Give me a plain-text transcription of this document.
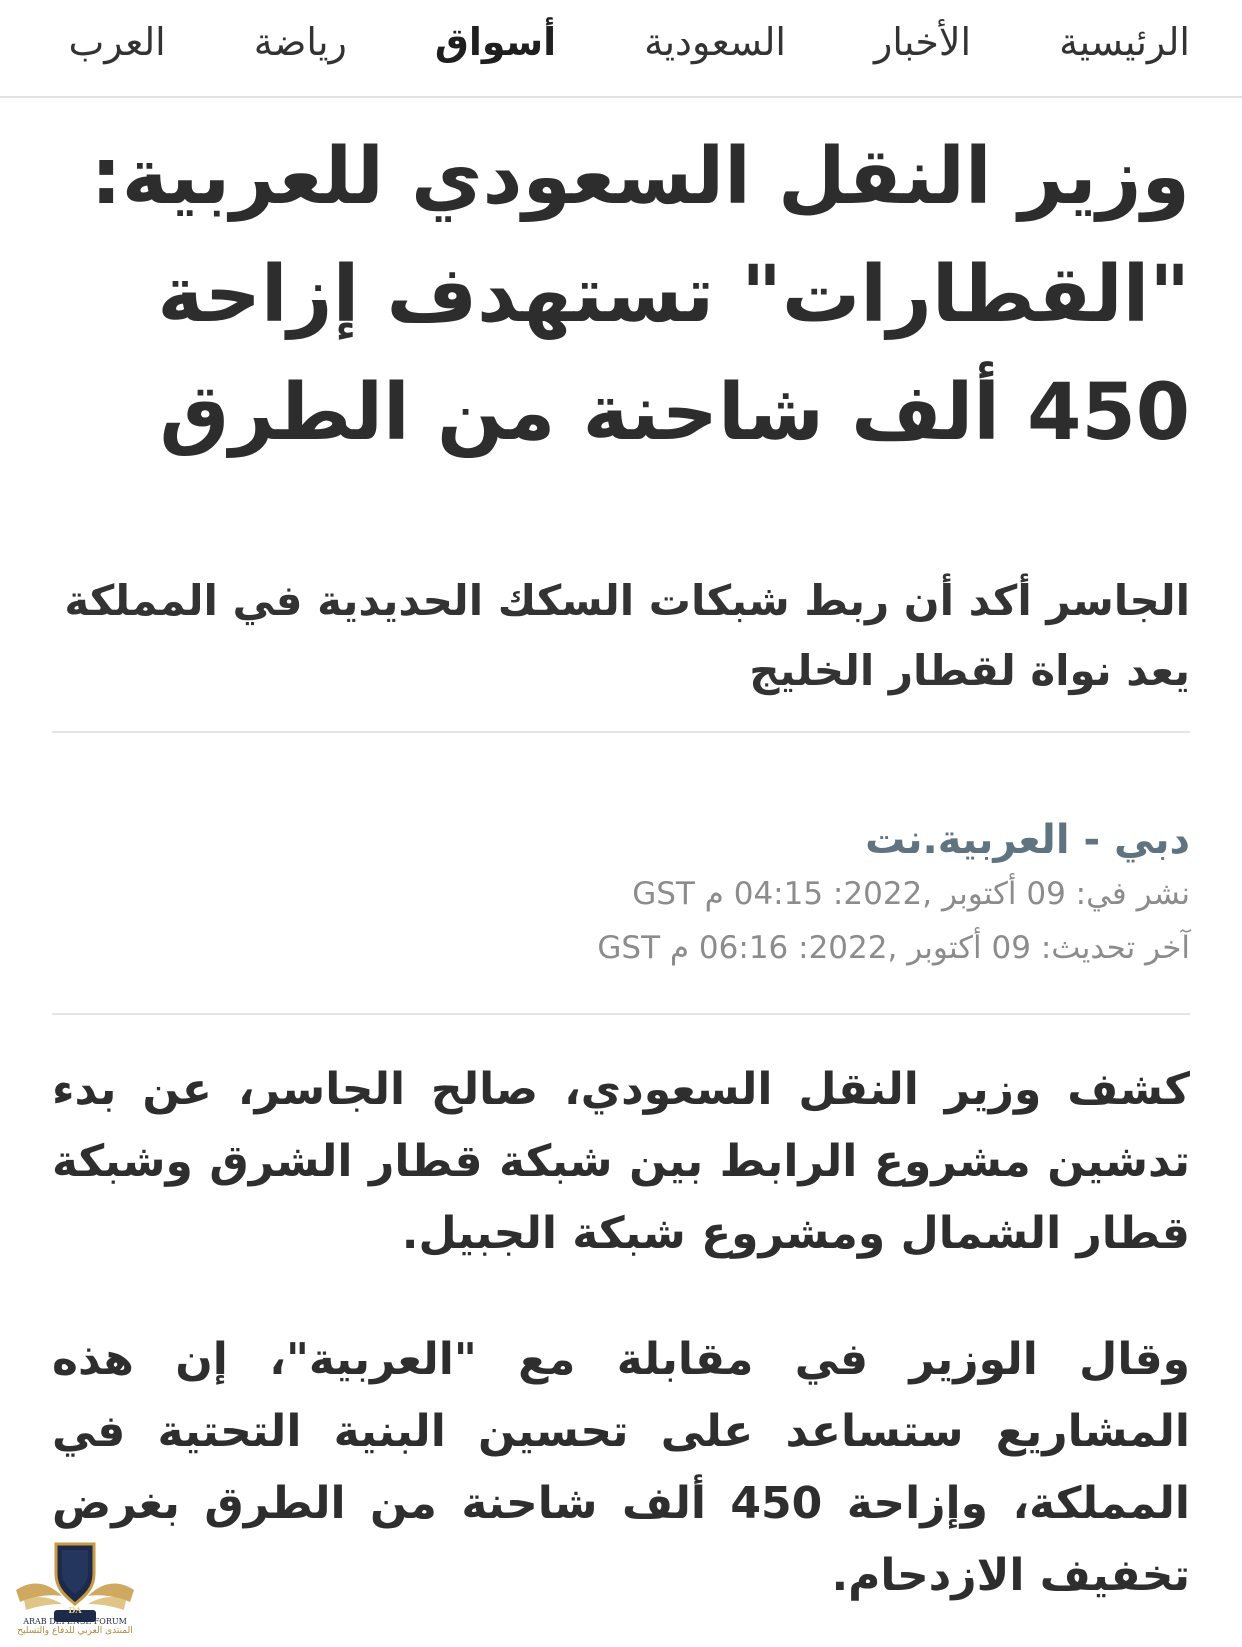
الرئيسية
الأخبار
السعودية
أسواق
رياضة
العرب
وزير النقل السعودي للعربية: "القطارات" تستهدف إزاحة 450 ألف شاحنة من الطرق
الجاسر أكد أن ربط شبكات السكك الحديدية في المملكة يعد نواة لقطار الخليج
دبي - العربية.نت
نشر في: 09 أكتوبر ,2022: 04:15 م GST
آخر تحديث: 09 أكتوبر ,2022: 06:16 م GST

كشف وزير النقل السعودي، صالح الجاسر، عن بدء تدشين مشروع الرابط بين شبكة قطار الشرق وشبكة قطار الشمال ومشروع شبكة الجبيل.

وقال الوزير في مقابلة مع "العربية"، إن هذه المشاريع ستساعد على تحسين البنية التحتية في المملكة، وإزاحة 450 ألف شاحنة من الطرق بغرض تخفيف الازدحام.

DA
ARAB DEFENSE FORUM
المنتدى العربي للدفاع والتسليح
